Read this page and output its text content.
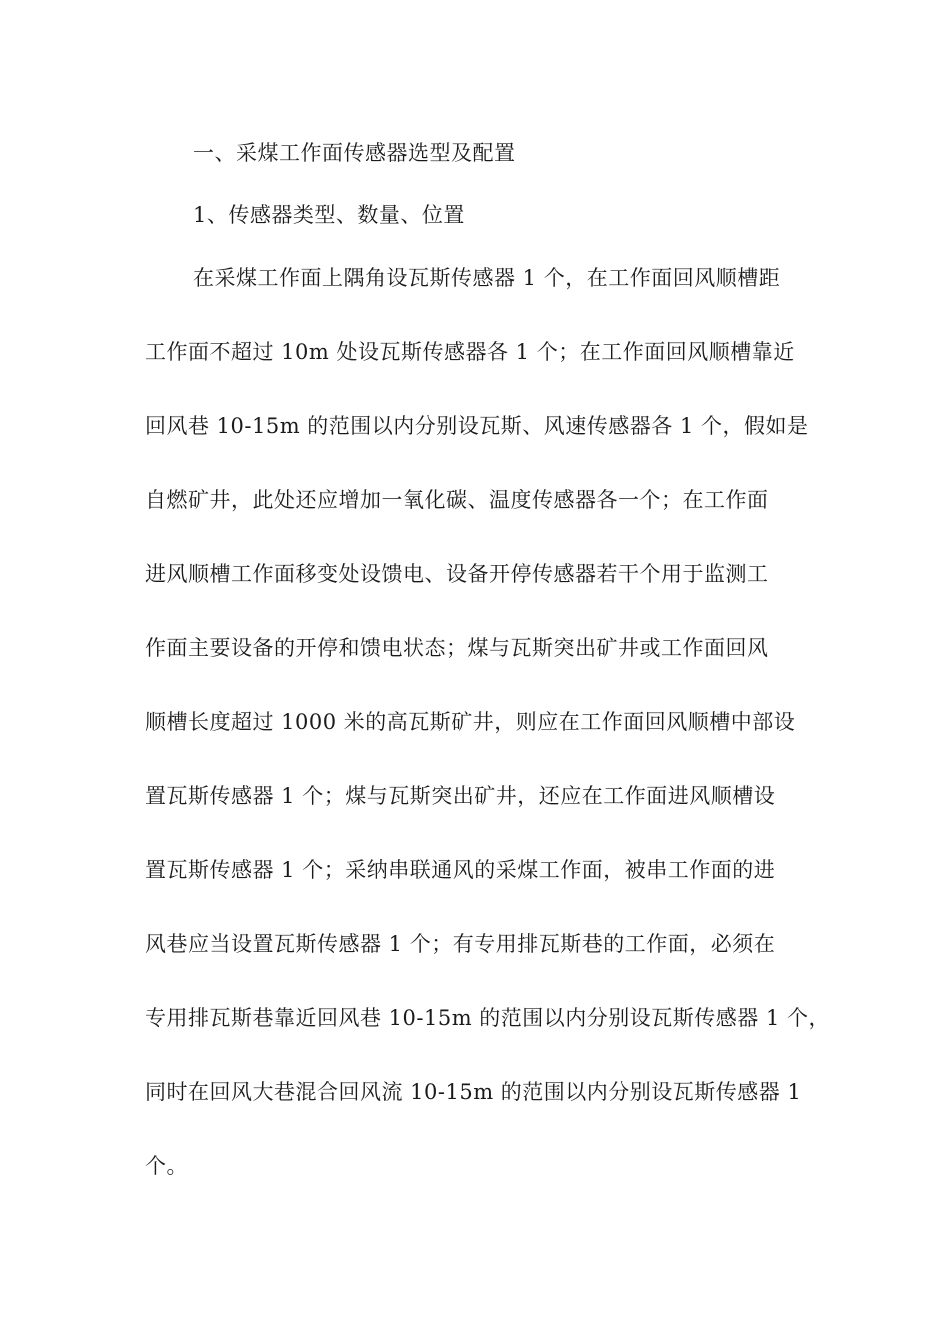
一、采煤工作面传感器选型及配置
1、传感器类型、数量、位置
在采煤工作面上隅角设瓦斯传感器 1 个，在工作面回风顺槽距
工作面不超过 10m 处设瓦斯传感器各 1 个；在工作面回风顺槽靠近
回风巷 10-15m 的范围以内分别设瓦斯、风速传感器各 1 个，假如是
自燃矿井，此处还应增加一氧化碳、温度传感器各一个；在工作面
进风顺槽工作面移变处设馈电、设备开停传感器若干个用于监测工
作面主要设备的开停和馈电状态；煤与瓦斯突出矿井或工作面回风
顺槽长度超过 1000 米的高瓦斯矿井，则应在工作面回风顺槽中部设
置瓦斯传感器 1 个；煤与瓦斯突出矿井，还应在工作面进风顺槽设
置瓦斯传感器 1 个；采纳串联通风的采煤工作面，被串工作面的进
风巷应当设置瓦斯传感器 1 个；有专用排瓦斯巷的工作面，必须在
专用排瓦斯巷靠近回风巷 10-15m 的范围以内分别设瓦斯传感器 1 个，
同时在回风大巷混合回风流 10-15m 的范围以内分别设瓦斯传感器 1
个。
